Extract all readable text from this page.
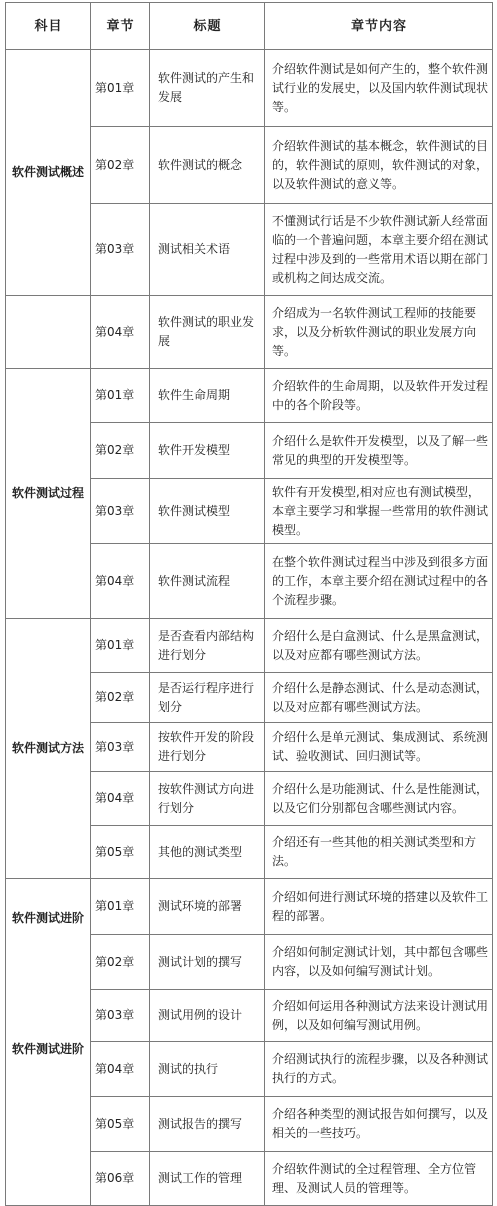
科目	章节	标题	章节内容
软件测试概述	第01章	软件测试的产生和发展	介绍软件测试是如何产生的，整个软件测试行业的发展史，以及国内软件测试现状等。
	第02章	软件测试的概念	介绍软件测试的基本概念，软件测试的目的，软件测试的原则，软件测试的对象，以及软件测试的意义等。
	第03章	测试相关术语	不懂测试行话是不少软件测试新人经常面临的一个普遍问题，本章主要介绍在测试过程中涉及到的一些常用术语以期在部门或机构之间达成交流。
	第04章	软件测试的职业发展	介绍成为一名软件测试工程师的技能要求，以及分析软件测试的职业发展方向等。
软件测试过程	第01章	软件生命周期	介绍软件的生命周期，以及软件开发过程中的各个阶段等。
	第02章	软件开发模型	介绍什么是软件开发模型，以及了解一些常见的典型的开发模型等。
	第03章	软件测试模型	软件有开发模型,相对应也有测试模型，本章主要学习和掌握一些常用的软件测试模型。
	第04章	软件测试流程	在整个软件测试过程当中涉及到很多方面的工作，本章主要介绍在测试过程中的各个流程步骤。
软件测试方法	第01章	是否查看内部结构进行划分	介绍什么是白盒测试、什么是黑盒测试，以及对应都有哪些测试方法。
	第02章	是否运行程序进行划分	介绍什么是静态测试、什么是动态测试，以及对应都有哪些测试方法。
	第03章	按软件开发的阶段进行划分	介绍什么是单元测试、集成测试、系统测试、验收测试、回归测试等。
	第04章	按软件测试方向进行划分	介绍什么是功能测试、什么是性能测试，以及它们分别都包含哪些测试内容。
	第05章	其他的测试类型	介绍还有一些其他的相关测试类型和方法。

软件测试进阶
软件测试进阶	第01章	测试环境的部署	介绍如何进行测试环境的搭建以及软件工程的部署。
	第02章	测试计划的撰写	介绍如何制定测试计划，其中都包含哪些内容，以及如何编写测试计划。
	第03章	测试用例的设计	介绍如何运用各种测试方法来设计测试用例，以及如何编写测试用例。
	第04章	测试的执行	介绍测试执行的流程步骤，以及各种测试执行的方式。
	第05章	测试报告的撰写	介绍各种类型的测试报告如何撰写，以及相关的一些技巧。
	第06章	测试工作的管理	介绍软件测试的全过程管理、全方位管理、及测试人员的管理等。
